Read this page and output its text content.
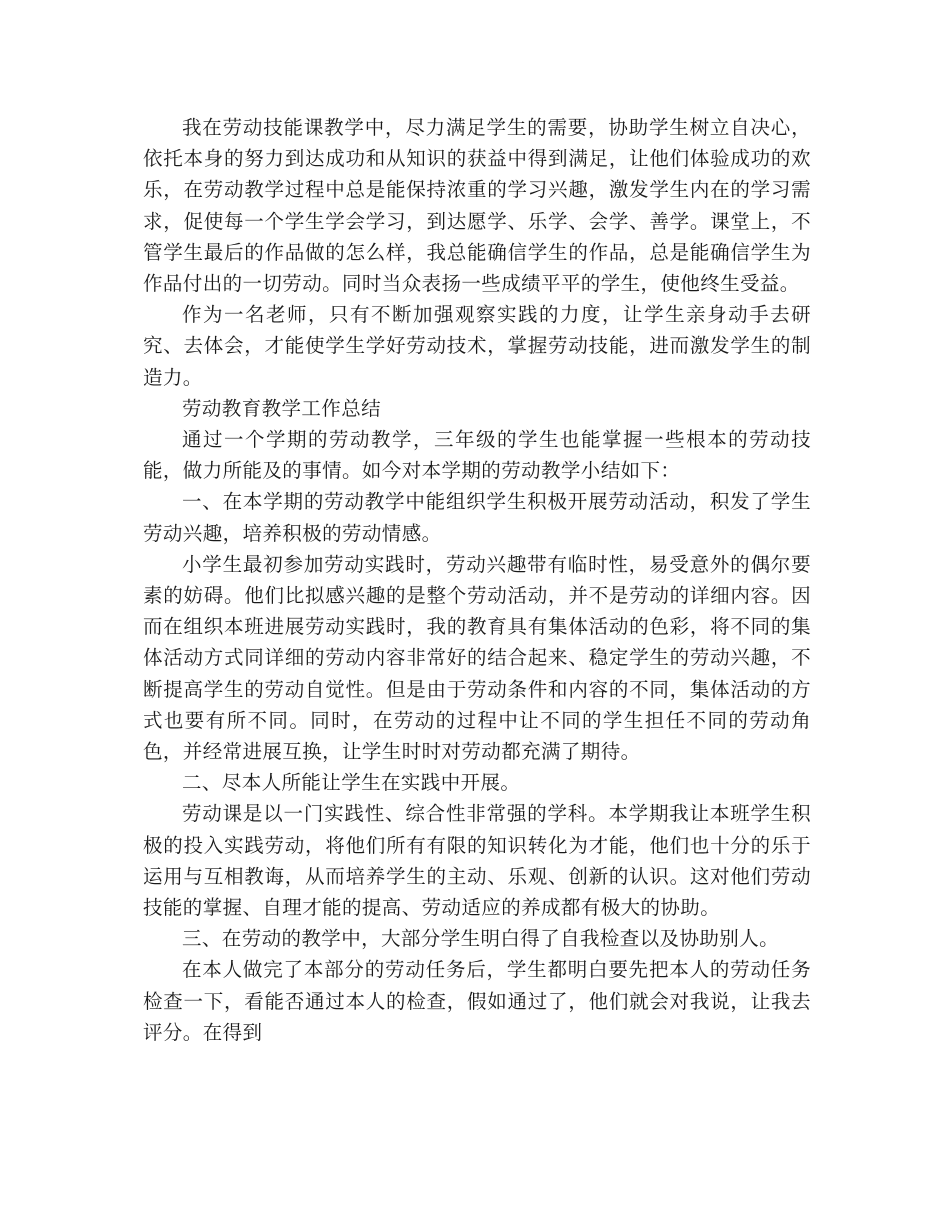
我在劳动技能课教学中，尽力满足学生的需要，协助学生树立自决心，依托本身的努力到达成功和从知识的获益中得到满足，让他们体验成功的欢乐，在劳动教学过程中总是能保持浓重的学习兴趣，激发学生内在的学习需求，促使每一个学生学会学习，到达愿学、乐学、会学、善学。课堂上，不管学生最后的作品做的怎么样，我总能确信学生的作品，总是能确信学生为作品付出的一切劳动。同时当众表扬一些成绩平平的学生，使他终生受益。

作为一名老师，只有不断加强观察实践的力度，让学生亲身动手去研究、去体会，才能使学生学好劳动技术，掌握劳动技能，进而激发学生的制造力。

劳动教育教学工作总结

通过一个学期的劳动教学，三年级的学生也能掌握一些根本的劳动技能，做力所能及的事情。如今对本学期的劳动教学小结如下：

一、在本学期的劳动教学中能组织学生积极开展劳动活动，积发了学生劳动兴趣，培养积极的劳动情感。

小学生最初参加劳动实践时，劳动兴趣带有临时性，易受意外的偶尔要素的妨碍。他们比拟感兴趣的是整个劳动活动，并不是劳动的详细内容。因而在组织本班进展劳动实践时，我的教育具有集体活动的色彩，将不同的集体活动方式同详细的劳动内容非常好的结合起来、稳定学生的劳动兴趣，不断提高学生的劳动自觉性。但是由于劳动条件和内容的不同，集体活动的方式也要有所不同。同时，在劳动的过程中让不同的学生担任不同的劳动角色，并经常进展互换，让学生时时对劳动都充满了期待。

二、尽本人所能让学生在实践中开展。

劳动课是以一门实践性、综合性非常强的学科。本学期我让本班学生积极的投入实践劳动，将他们所有有限的知识转化为才能，他们也十分的乐于运用与互相教诲，从而培养学生的主动、乐观、创新的认识。这对他们劳动技能的掌握、自理才能的提高、劳动适应的养成都有极大的协助。

三、在劳动的教学中，大部分学生明白得了自我检查以及协助别人。

在本人做完了本部分的劳动任务后，学生都明白要先把本人的劳动任务检查一下，看能否通过本人的检查，假如通过了，他们就会对我说，让我去评分。在得到
